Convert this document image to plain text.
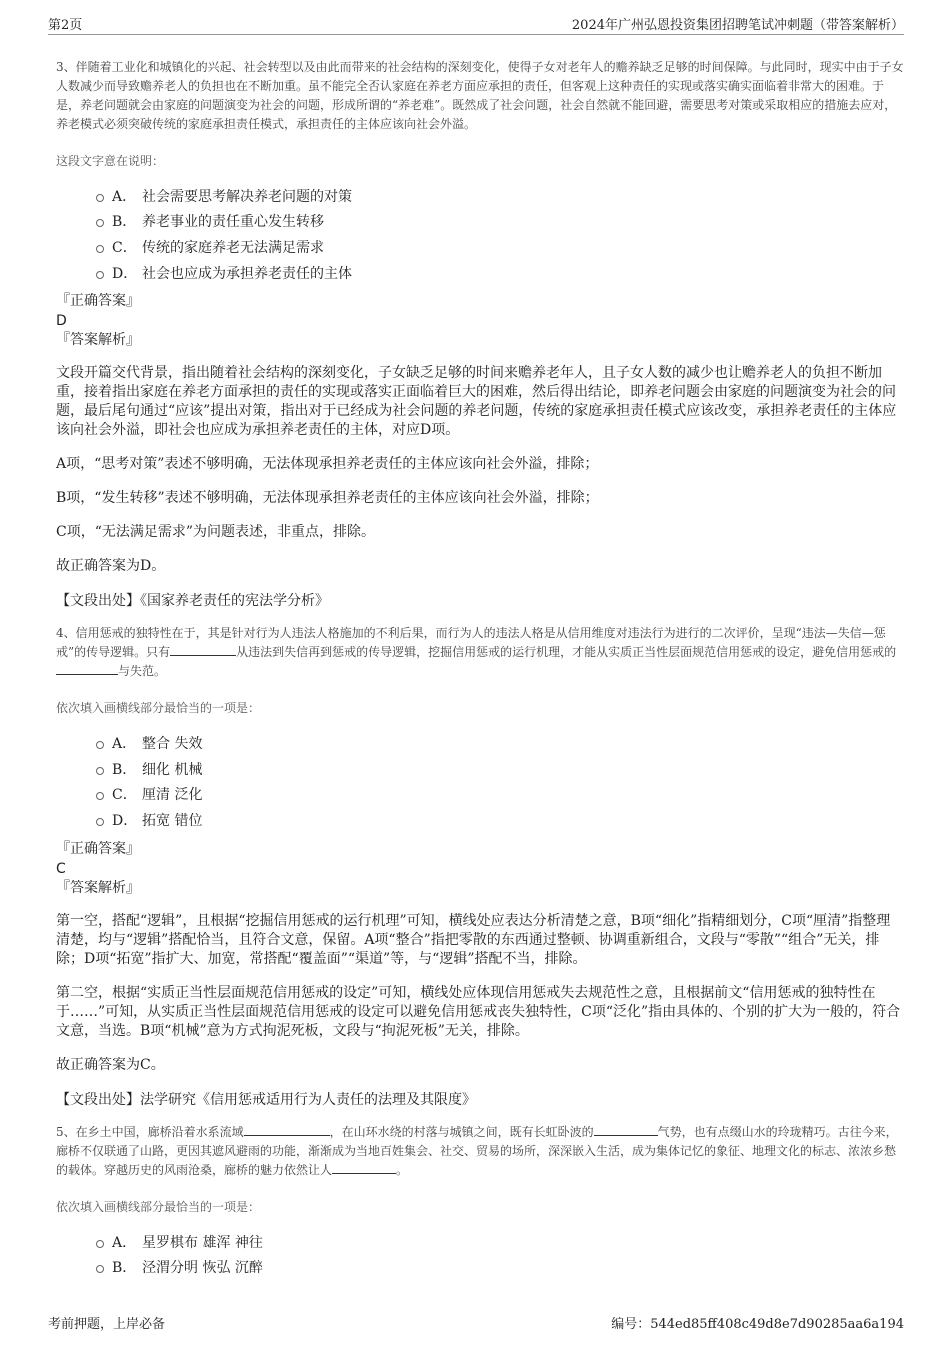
第2页	2024年广州弘恩投资集团招聘笔试冲刺题（带答案解析）

3、伴随着工业化和城镇化的兴起、社会转型以及由此而带来的社会结构的深刻变化，使得子女对老年人的赡养缺乏足够的时间保障。与此同时，现实中由于子女人数减少而导致赡养老人的负担也在不断加重。虽不能完全否认家庭在养老方面应承担的责任，但客观上这种责任的实现或落实确实面临着非常大的困难。于是，养老问题就会由家庭的问题演变为社会的问题，形成所谓的“养老难”。既然成了社会问题，社会自然就不能回避，需要思考对策或采取相应的措施去应对，养老模式必须突破传统的家庭承担责任模式，承担责任的主体应该向社会外溢。

这段文字意在说明：

A． 社会需要思考解决养老问题的对策
B． 养老事业的责任重心发生转移
C． 传统的家庭养老无法满足需求
D． 社会也应成为承担养老责任的主体

『正确答案』

D

『答案解析』

文段开篇交代背景，指出随着社会结构的深刻变化，子女缺乏足够的时间来赡养老年人，且子女人数的减少也让赡养老人的负担不断加重，接着指出家庭在养老方面承担的责任的实现或落实正面临着巨大的困难，然后得出结论，即养老问题会由家庭的问题演变为社会的问题，最后尾句通过“应该”提出对策，指出对于已经成为社会问题的养老问题，传统的家庭承担责任模式应该改变，承担养老责任的主体应该向社会外溢，即社会也应成为承担养老责任的主体，对应D项。

A项，“思考对策”表述不够明确，无法体现承担养老责任的主体应该向社会外溢，排除；

B项，“发生转移”表述不够明确，无法体现承担养老责任的主体应该向社会外溢，排除；

C项，“无法满足需求”为问题表述，非重点，排除。

故正确答案为D。

【文段出处】《国家养老责任的宪法学分析》

4、信用惩戒的独特性在于，其是针对行为人违法人格施加的不利后果，而行为人的违法人格是从信用维度对违法行为进行的二次评价，呈现“违法—失信—惩戒”的传导逻辑。只有	从违法到失信再到惩戒的传导逻辑，挖掘信用惩戒的运行机理，才能从实质正当性层面规范信用惩戒的设定，避免信用惩戒的与失范。

依次填入画横线部分最恰当的一项是：

A． 整合 失效
B． 细化 机械
C． 厘清 泛化
D． 拓宽 错位

『正确答案』

C

『答案解析』

第一空，搭配“逻辑”，且根据“挖掘信用惩戒的运行机理”可知，横线处应表达分析清楚之意，B项“细化”指精细划分，C项“厘清”指整理清楚，均与“逻辑”搭配恰当，且符合文意，保留。A项“整合”指把零散的东西通过整顿、协调重新组合，文段与“零散”“组合”无关，排除；D项“拓宽”指扩大、加宽，常搭配“覆盖面”“渠道”等，与“逻辑”搭配不当，排除。

第二空，根据“实质正当性层面规范信用惩戒的设定”可知，横线处应体现信用惩戒失去规范性之意，且根据前文“信用惩戒的独特性在于……”可知，从实质正当性层面规范信用惩戒的设定可以避免信用惩戒丧失独特性，C项“泛化”指由具体的、个别的扩大为一般的，符合文意，当选。B项“机械”意为方式拘泥死板，文段与“拘泥死板”无关，排除。

故正确答案为C。

【文段出处】法学研究《信用惩戒适用行为人责任的法理及其限度》

5、在乡土中国，廊桥沿着水系流域	，在山环水绕的村落与城镇之间，既有长虹卧波的	气势，也有点缀山水的玲珑精巧。古往今来，廊桥不仅联通了山路，更因其遮风避雨的功能，渐渐成为当地百姓集会、社交、贸易的场所，深深嵌入生活，成为集体记忆的象征、地理文化的标志、浓浓乡愁的载体。穿越历史的风雨沧桑，廊桥的魅力依然让人	。

依次填入画横线部分最恰当的一项是：

A． 星罗棋布 雄浑 神往
B． 泾渭分明 恢弘 沉醉
考前押题，上岸必备	编号：544ed85ff408c49d8e7d90285aa6a194
